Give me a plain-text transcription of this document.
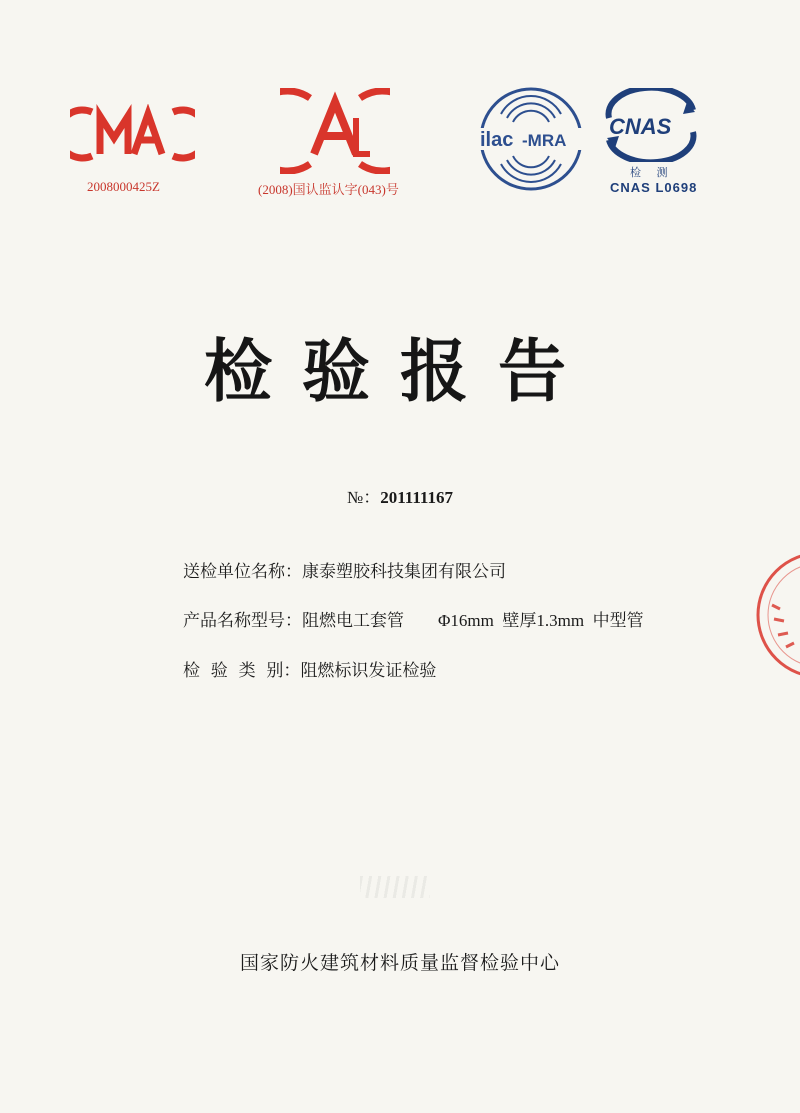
2008000425Z	(2008)国认监认字(043)号
ilac -MRA
CNAS
检 测
CNAS L0698
检验报告
№：201111167
送检单位名称：康泰塑胶科技集团有限公司
产品名称型号：阻燃电工套管 Φ16mm  壁厚1.3mm  中型管
检  验  类  别：阻燃标识发证检验
国家防火建筑材料质量监督检验中心
